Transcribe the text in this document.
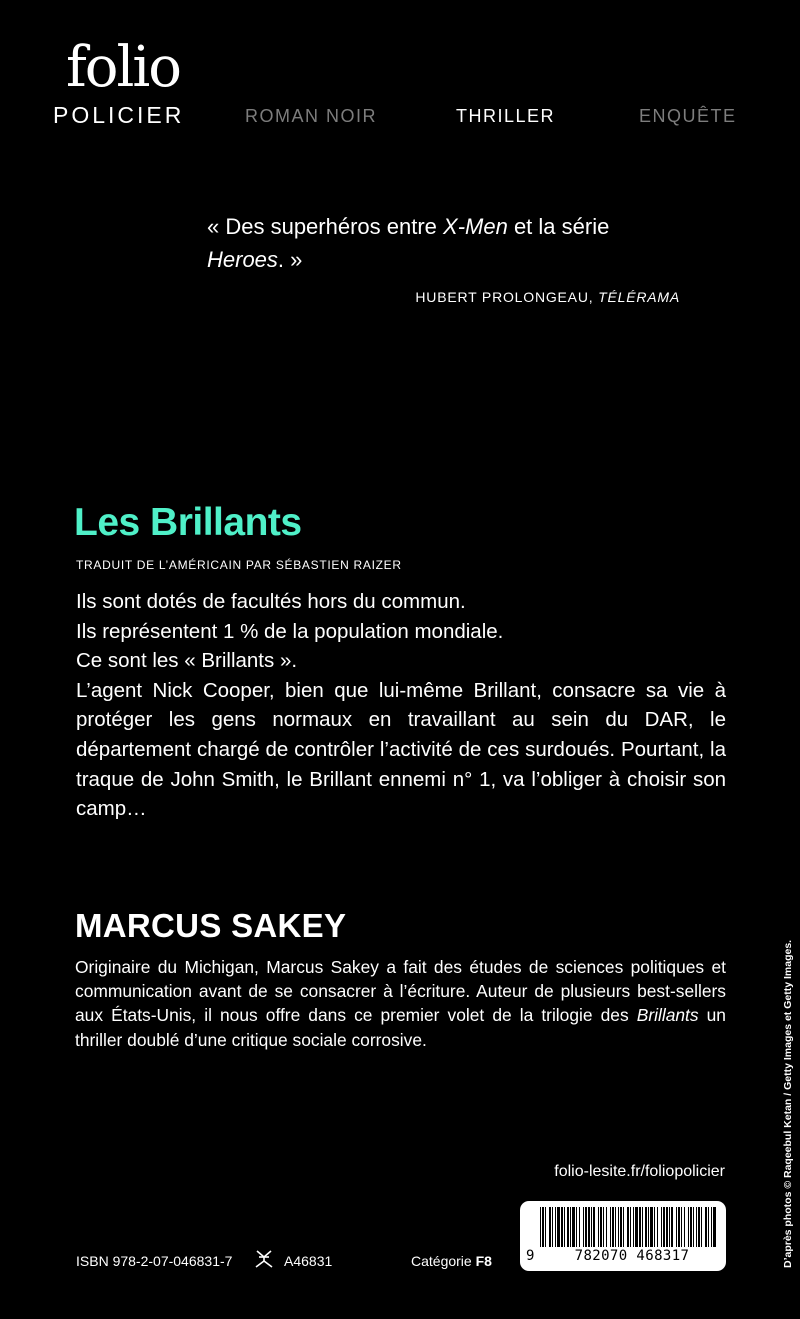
folio
POLICIER	ROMAN NOIR	THRILLER	ENQUÊTE
« Des superhéros entre X-Men et la série
Heroes. »
HUBERT PROLONGEAU, TÉLÉRAMA
Les Brillants
TRADUIT DE L’AMÉRICAIN PAR SÉBASTIEN RAIZER

Ils sont dotés de facultés hors du commun.

Ils représentent 1 % de la population mondiale.

Ce sont les « Brillants ».

L’agent Nick Cooper, bien que lui-même Brillant, consacre sa vie à protéger les gens normaux en travaillant au sein du DAR, le département chargé de contrôler l’activité de ces surdoués. Pourtant, la traque de John Smith, le Brillant ennemi n° 1, va l’obliger à choisir son camp…

MARCUS SAKEY

Originaire du Michigan, Marcus Sakey a fait des études de sciences politiques et communication avant de se consacrer à l’écriture. Auteur de plusieurs best-sellers aux États-Unis, il nous offre dans ce premier volet de la trilogie des Brillants un thriller doublé d’une critique sociale corrosive.

folio-lesite.fr/foliopolicier
9	782070 468317
ISBN 978-2-07-046831-7	A46831	Catégorie F8	D’après photos © Raqeebul Ketan / Getty Images et Getty Images.
